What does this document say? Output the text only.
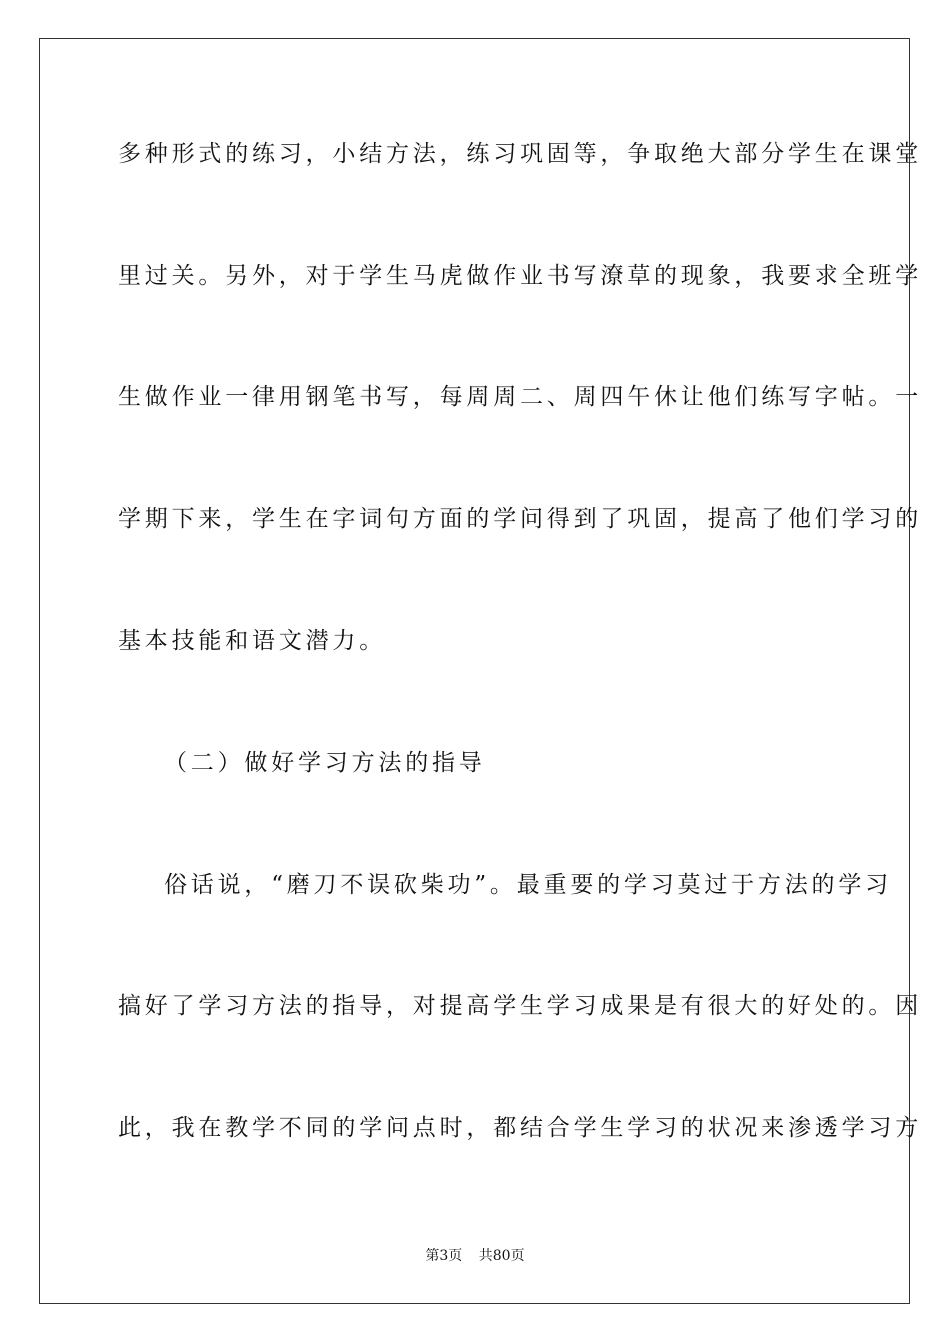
多种形式的练习，小结方法，练习巩固等，争取绝大部分学生在课堂
里过关。另外，对于学生马虎做作业书写潦草的现象，我要求全班学
生做作业一律用钢笔书写，每周周二、周四午休让他们练写字帖。一
学期下来，学生在字词句方面的学问得到了巩固，提高了他们学习的
基本技能和语文潜力。
（二）做好学习方法的指导
俗话说，“磨刀不误砍柴功”。最重要的学习莫过于方法的学习
搞好了学习方法的指导，对提高学生学习成果是有很大的好处的。因
此，我在教学不同的学问点时，都结合学生学习的状况来渗透学习方
第3页 共80页
